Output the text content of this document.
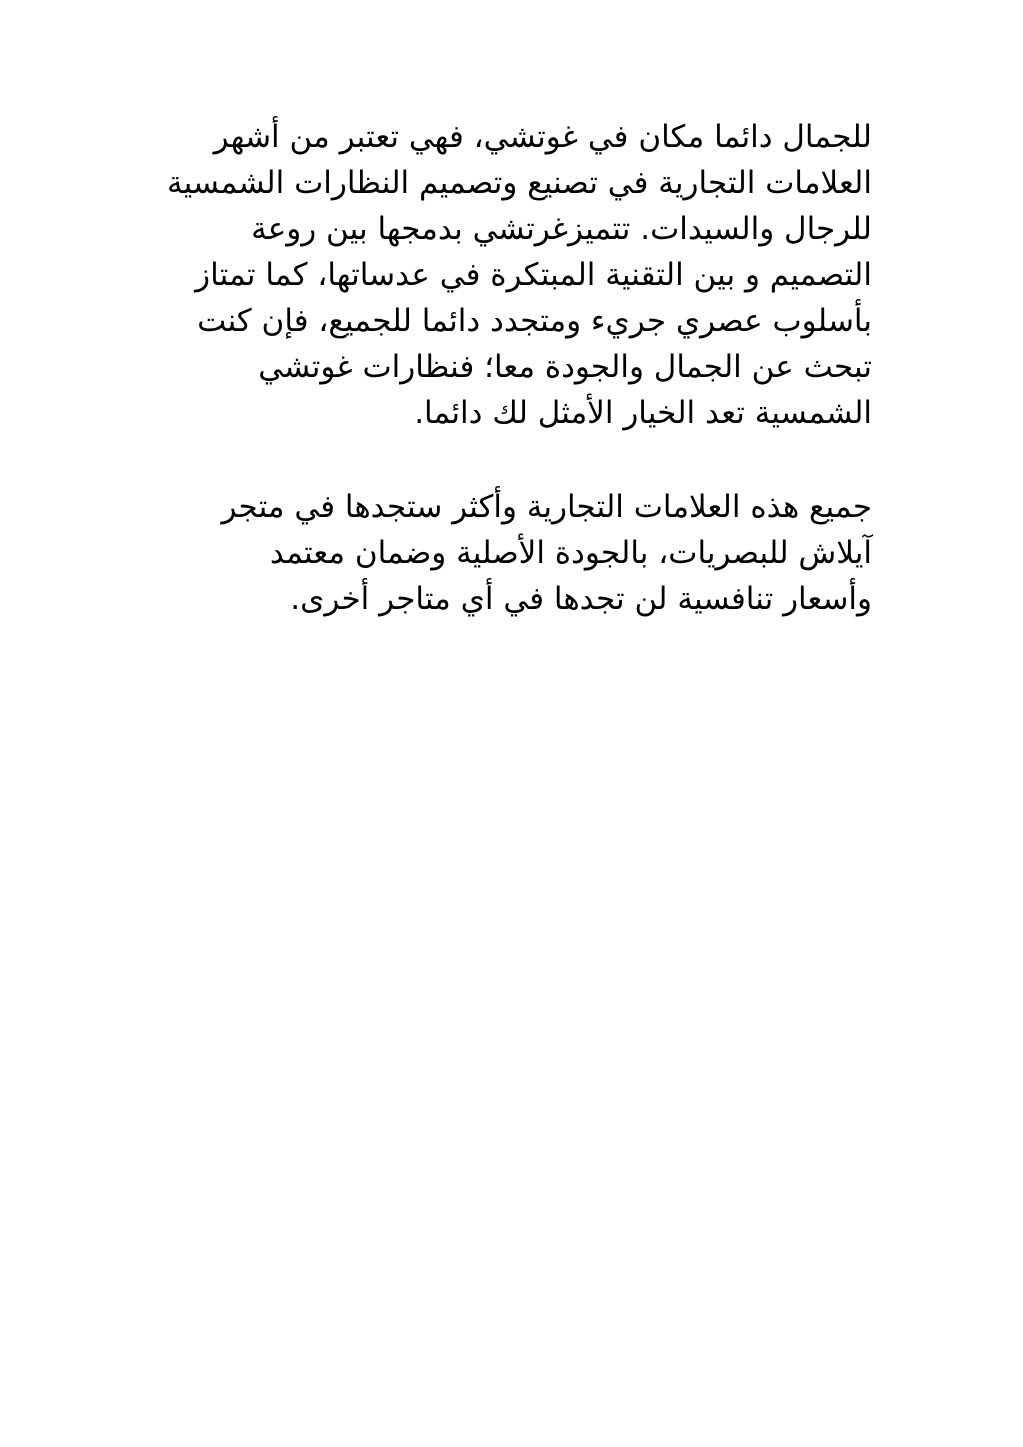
للجمال دائما مكان في غوتشي، فهي تعتبر من أشهر
العلامات التجارية في تصنيع وتصميم النظارات الشمسية
للرجال والسيدات. تتميزغرتشي بدمجها بين روعة
التصميم و بين التقنية المبتكرة في عدساتها، كما تمتاز
بأسلوب عصري جريء ومتجدد دائما للجميع، فإن كنت
تبحث عن الجمال والجودة معا؛ فنظارات غوتشي
الشمسية تعد الخيار الأمثل لك دائما.

جميع هذه العلامات التجارية وأكثر ستجدها في متجر
آيلاش للبصريات، بالجودة الأصلية وضمان معتمد
وأسعار تنافسية لن تجدها في أي متاجر أخرى.
